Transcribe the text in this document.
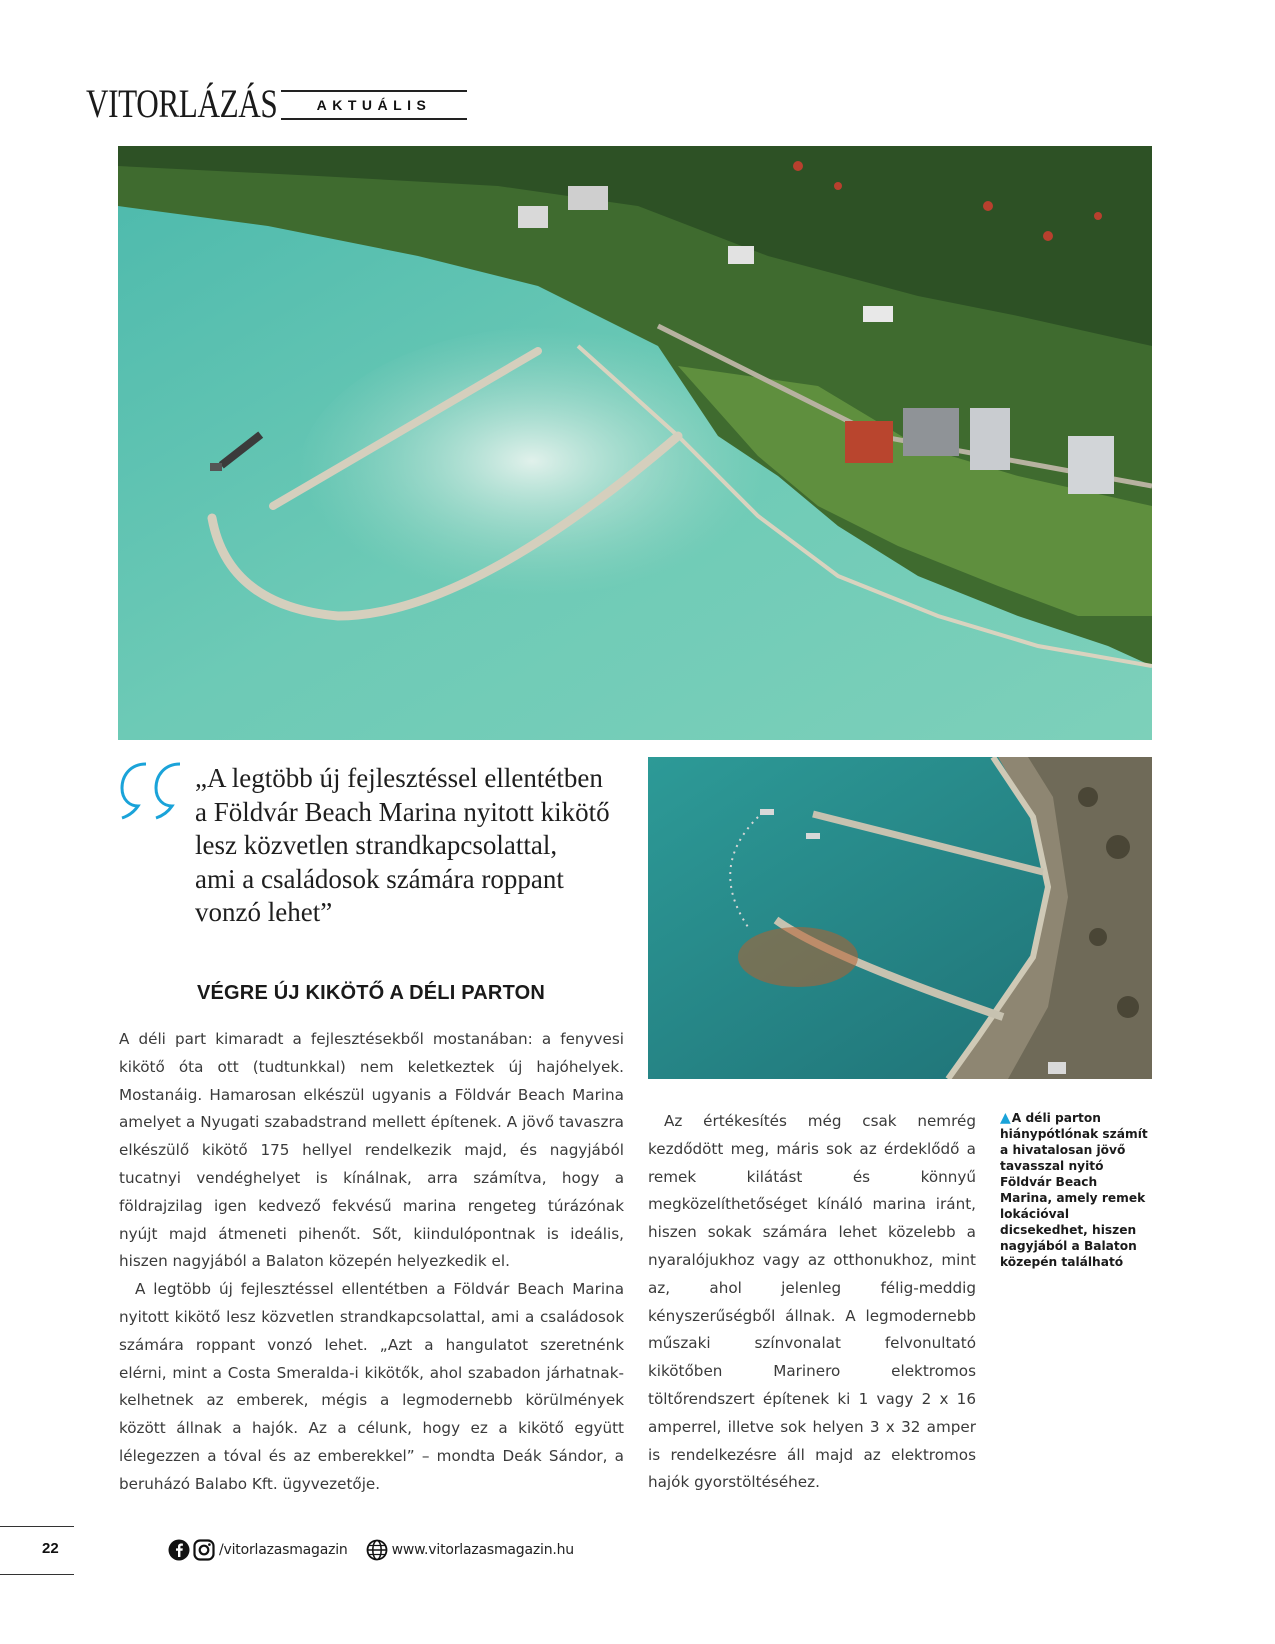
VITORLÁZÁS	AKTUÁLIS
„A legtöbb új fejlesztéssel ellentétben
a Földvár Beach Marina nyitott kikötő
lesz közvetlen strandkapcsolattal,
ami a családosok számára roppant
vonzó lehet”
VÉGRE ÚJ KIKÖTŐ A DÉLI PARTON

A déli part kimaradt a fejlesztésekből mostanában: a fenyvesi kikötő óta ott (tudtunkkal) nem keletkeztek új hajóhelyek. Mostanáig. Hamarosan elkészül ugyanis a Földvár Beach Marina amelyet a Nyugati szabadstrand mellett építenek. A jövő tavaszra elkészülő kikötő 175 hellyel rendelkezik majd, és nagyjából tucatnyi vendéghelyet is kínálnak, arra számítva, hogy a földrajzilag igen kedvező fekvésű marina rengeteg túrázónak nyújt majd átmeneti pihenőt. Sőt, kiindulópontnak is ideális, hiszen nagyjából a Balaton közepén helyezkedik el.

A legtöbb új fejlesztéssel ellentétben a Földvár Beach Marina nyitott kikötő lesz közvetlen strandkapcsolattal, ami a családosok számára roppant vonzó lehet. „Azt a hangulatot szeretnénk elérni, mint a Costa Smeralda-i kikötők, ahol szabadon járhatnak-kelhetnek az emberek, mégis a legmodernebb körülmények között állnak a hajók. Az a célunk, hogy ez a kikötő együtt lélegezzen a tóval és az emberekkel” – mondta Deák Sándor, a beruházó Balabo Kft. ügyvezetője.

Az értékesítés még csak nemrég kezdődött meg, máris sok az érdeklődő a remek kilátást és könnyű megközelíthetőséget kínáló marina iránt, hiszen sokak számára lehet közelebb a nyaralójukhoz vagy az otthonukhoz, mint az, ahol jelenleg félig-meddig kényszerűségből állnak. A legmodernebb műszaki színvonalat felvonultató kikötőben Marinero elektromos töltőrendszert építenek ki 1 vagy 2 x 16 amperrel, illetve sok helyen 3 x 32 amper is rendelkezésre áll majd az elektromos hajók gyorstöltéséhez.

▲A déli parton hiánypótlónak számít a hivatalosan jövő tavasszal nyitó Földvár Beach Marina, amely remek lokációval dicsekedhet, hiszen nagyjából a Balaton közepén található
22	/vitorlazasmagazin	www.vitorlazasmagazin.hu
